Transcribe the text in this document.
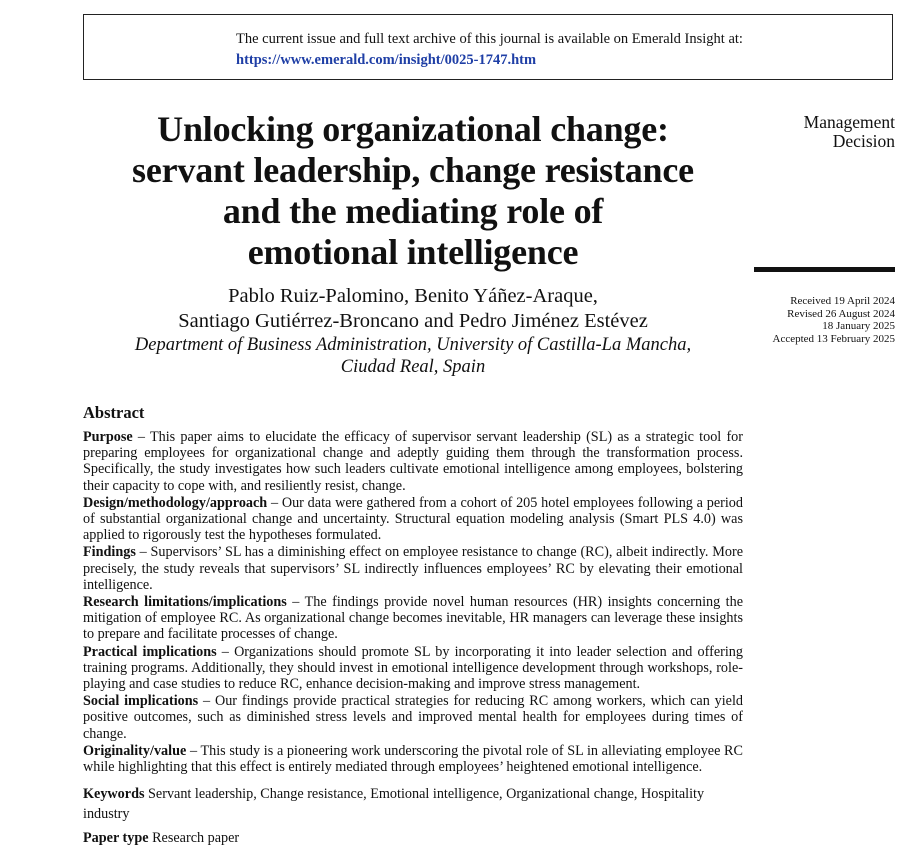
The current issue and full text archive of this journal is available on Emerald Insight at:
https://www.emerald.com/insight/0025-1747.htm
Unlocking organizational change:
servant leadership, change resistance
and the mediating role of
emotional intelligence
Management
Decision
Received 19 April 2024
Revised 26 August 2024
18 January 2025
Accepted 13 February 2025
Pablo Ruiz-Palomino, Benito Yáñez-Araque,
Santiago Gutiérrez-Broncano and Pedro Jiménez Estévez
Department of Business Administration, University of Castilla-La Mancha,
Ciudad Real, Spain
Abstract

Purpose – This paper aims to elucidate the efficacy of supervisor servant leadership (SL) as a strategic tool for preparing employees for organizational change and adeptly guiding them through the transformation process. Specifically, the study investigates how such leaders cultivate emotional intelligence among employees, bolstering their capacity to cope with, and resiliently resist, change.

Design/methodology/approach – Our data were gathered from a cohort of 205 hotel employees following a period of substantial organizational change and uncertainty. Structural equation modeling analysis (Smart PLS 4.0) was applied to rigorously test the hypotheses formulated.

Findings – Supervisors’ SL has a diminishing effect on employee resistance to change (RC), albeit indirectly. More precisely, the study reveals that supervisors’ SL indirectly influences employees’ RC by elevating their emotional intelligence.

Research limitations/implications – The findings provide novel human resources (HR) insights concerning the mitigation of employee RC. As organizational change becomes inevitable, HR managers can leverage these insights to prepare and facilitate processes of change.

Practical implications – Organizations should promote SL by incorporating it into leader selection and offering training programs. Additionally, they should invest in emotional intelligence development through workshops, role-playing and case studies to reduce RC, enhance decision-making and improve stress management.

Social implications – Our findings provide practical strategies for reducing RC among workers, which can yield positive outcomes, such as diminished stress levels and improved mental health for employees during times of change.

Originality/value – This study is a pioneering work underscoring the pivotal role of SL in alleviating employee RC while highlighting that this effect is entirely mediated through employees’ heightened emotional intelligence.

Keywords Servant leadership, Change resistance, Emotional intelligence, Organizational change, Hospitality industry

Paper type Research paper
